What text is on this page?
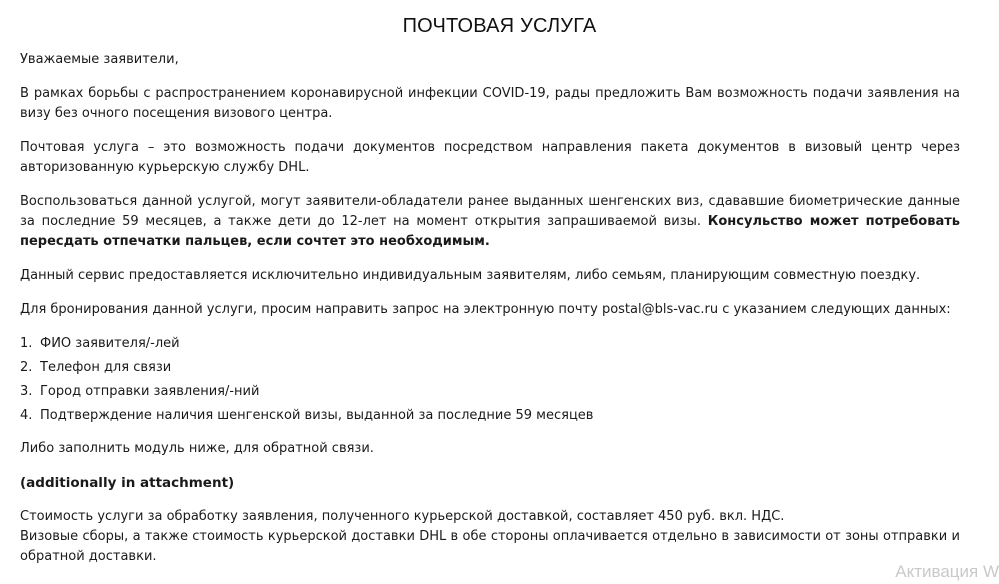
ПОЧТОВАЯ УСЛУГА

Уважаемые заявители,

В рамках борьбы с распространением коронавирусной инфекции COVID-19, рады предложить Вам возможность подачи заявления на визу без очного посещения визового центра.

Почтовая услуга – это возможность подачи документов посредством направления пакета документов в визовый центр через авторизованную курьерскую службу DHL.

Воспользоваться данной услугой, могут заявители-обладатели ранее выданных шенгенских виз, сдававшие биометрические данные за последние 59 месяцев, а также дети до 12-лет на момент открытия запрашиваемой визы. Консульство может потребовать пересдать отпечатки пальцев, если сочтет это необходимым.

Данный сервис предоставляется исключительно индивидуальным заявителям, либо семьям, планирующим совместную поездку.

Для бронирования данной услуги, просим направить запрос на электронную почту postal@bls-vac.ru с указанием следующих данных:

1. ФИО заявителя/-лей
2. Телефон для связи
3. Город отправки заявления/-ний
4. Подтверждение наличия шенгенской визы, выданной за последние 59 месяцев

Либо заполнить модуль ниже, для обратной связи.

(additionally in attachment)

Стоимость услуги за обработку заявления, полученного курьерской доставкой, составляет 450 руб. вкл. НДС.

Визовые сборы, а также стоимость курьерской доставки DHL в обе стороны оплачивается отдельно в зависимости от зоны отправки и обратной доставки.

Активация W
